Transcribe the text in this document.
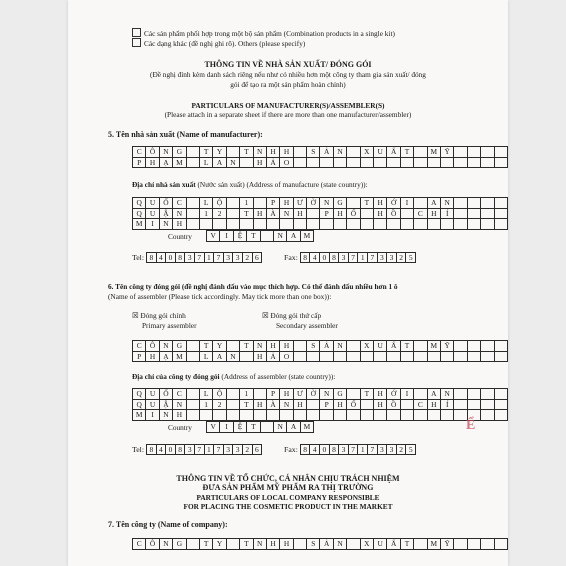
Các sản phẩm phối hợp trong một bộ sản phẩm (Combination products in a single kit)
Các dạng khác (đề nghị ghi rõ). Others (please specify)
THÔNG TIN VỀ NHÀ SẢN XUẤT/ ĐÓNG GÓI
(Đề nghị đính kèm danh sách riêng nếu như có nhiều hơn một công ty tham gia sản xuất/ đóng
gói để tạo ra một sản phẩm hoàn chỉnh)
PARTICULARS OF MANUFACTURER(S)/ASSEMBLER(S)
(Please attach in a separate sheet if there are more than one manufacturer/assembler)
5. Tên nhà sản xuất (Name of manufacturer):
C	Ô	N	G		T	Y		T	N	H	H		S	Ả	N		X	U	Ấ	T		M	Ỹ				
P	H	Ạ	M		L	A	N		H	Ả	O																
Địa chỉ nhà sản xuất (Nước sản xuất) (Address of manufacture (state country)):
Q	U	Ố	C		L	Ộ		1		P	H	Ư	Ờ	N	G		T	H	Ớ	I		A	N				
Q	U	Ậ	N		1	2		T	H	À	N	H		P	H	Ố		H	Ồ		C	H	Í				
M	I	N	H																								
Country	V	I	Ệ	T		N	A	M
Tel: 8 4 0 8 3 7 1 7 3 3 2 6	Fax: 8 4 0 8 3 7 1 7 3 3 2 5
6. Tên công ty đóng gói (đề nghị đánh dấu vào mục thích hợp. Có thể đánh dấu nhiều hơn 1 ô
(Name of assembler (Please tick accordingly. May tick more than one box)):
☒ Đóng gói chính
Primary assembler
☒ Đóng gói thứ cấp
Secondary assembler
C	Ô	N	G		T	Y		T	N	H	H		S	Ả	N		X	U	Ấ	T		M	Ỹ				
P	H	Ạ	M		L	A	N		H	Ả	O																
Địa chỉ của công ty đóng gói (Address of assembler (state country)):
Q	U	Ố	C		L	Ộ		1		P	H	Ư	Ờ	N	G		T	H	Ớ	I		A	N				
Q	U	Ậ	N		1	2		T	H	À	N	H		P	H	Ố		H	Ồ		C	H	Í				
M	I	N	H																								
Country	V	I	Ệ	T		N	A	M
Tel: 8 4 0 8 3 7 1 7 3 3 2 6	Fax: 8 4 0 8 3 7 1 7 3 3 2 5
THÔNG TIN VỀ TỔ CHỨC, CÁ NHÂN CHỊU TRÁCH NHIỆM
ĐƯA SẢN PHẨM MỸ PHẨM RA THỊ TRƯỜNG
PARTICULARS OF LOCAL COMPANY RESPONSIBLE
FOR PLACING THE COSMETIC PRODUCT IN THE MARKET
7. Tên công ty (Name of company):
C	Ô	N	G		T	Y		T	N	H	H		S	Ả	N		X	U	Ấ	T		M	Ỹ				
Ể
